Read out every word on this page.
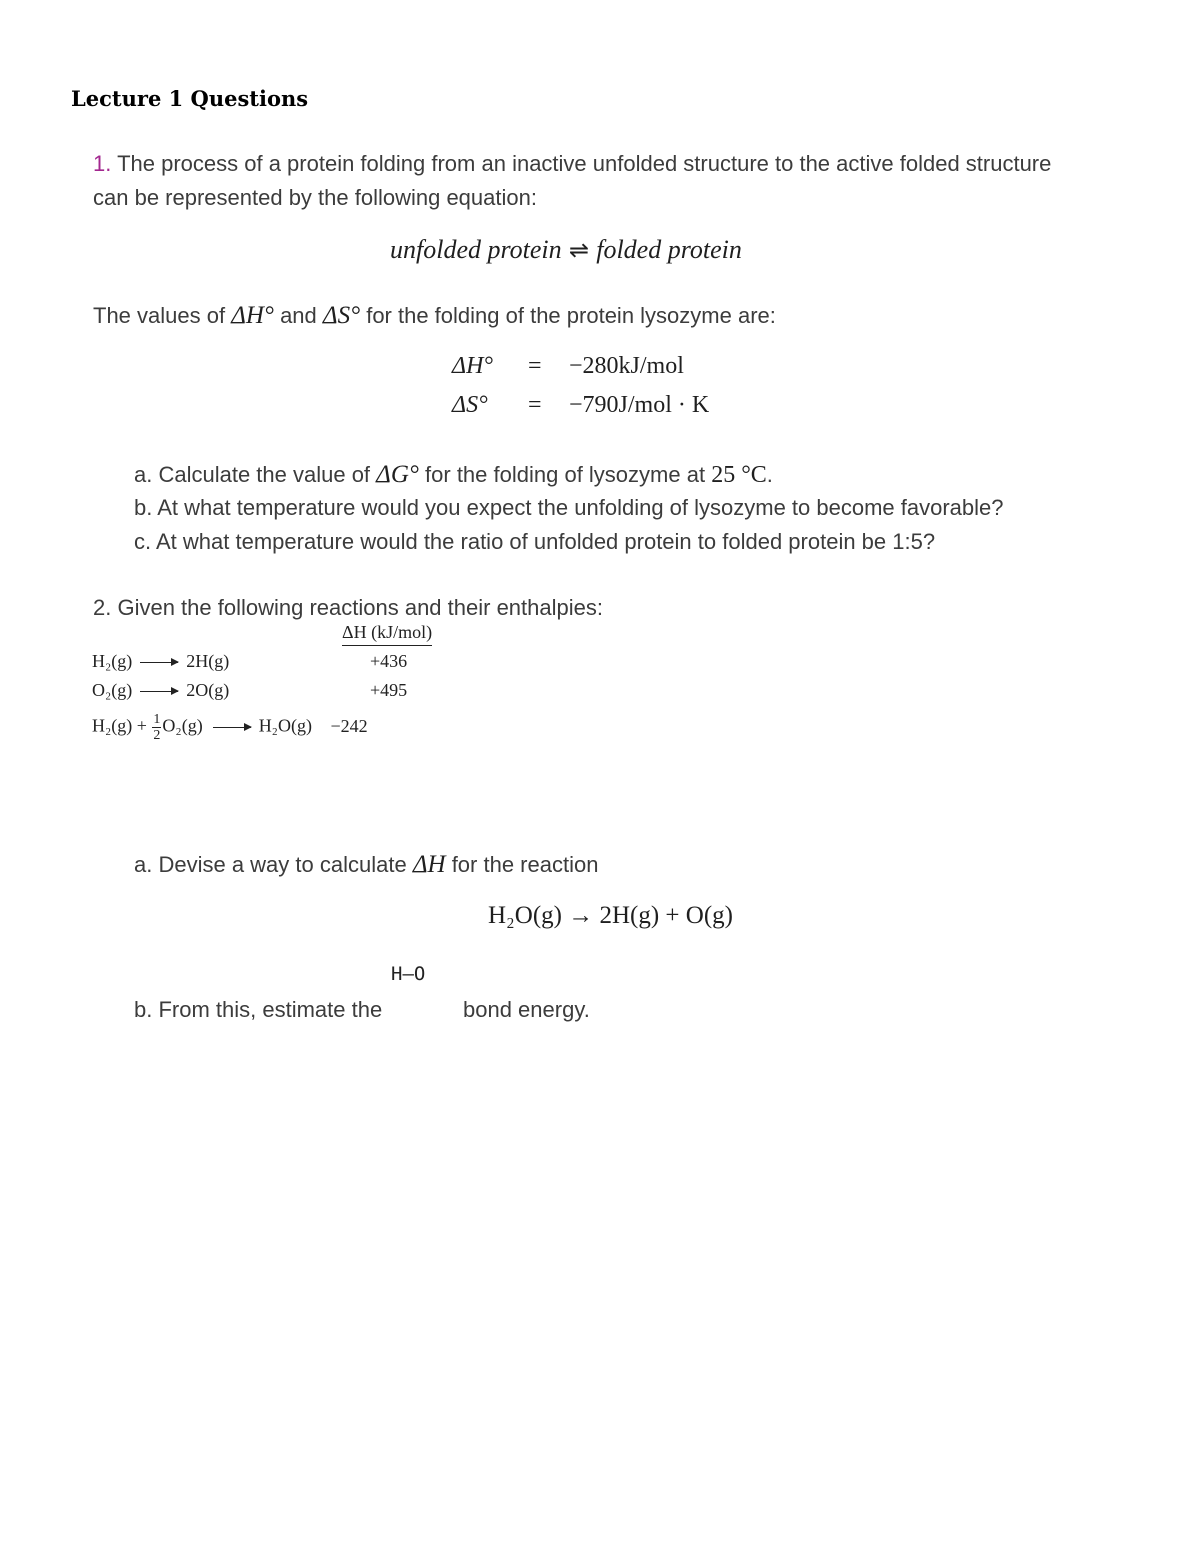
Lecture 1 Questions
1. The process of a protein folding from an inactive unfolded structure to the active folded structure
can be represented by the following equation:
unfolded protein ⇌ folded protein
The values of ΔH° and ΔS° for the folding of the protein lysozyme are:
ΔH° = −280kJ/mol
ΔS° = −790J/mol · K
a. Calculate the value of ΔG° for the folding of lysozyme at 25 °C.
b. At what temperature would you expect the unfolding of lysozyme to become favorable?
c. At what temperature would the ratio of unfolded protein to folded protein be 1:5?
2. Given the following reactions and their enthalpies:
ΔH (kJ/mol)
H₂(g)	2H(g)	+436
O₂(g)	2O(g)	+495
$H_2(g) + \frac{1}{2} O_2(g)$	H₂O(g) −242
a. Devise a way to calculate ΔH for the reaction
H₂O(g) → 2H(g) + O(g)
H—O
b. From this, estimate the	bond energy.
